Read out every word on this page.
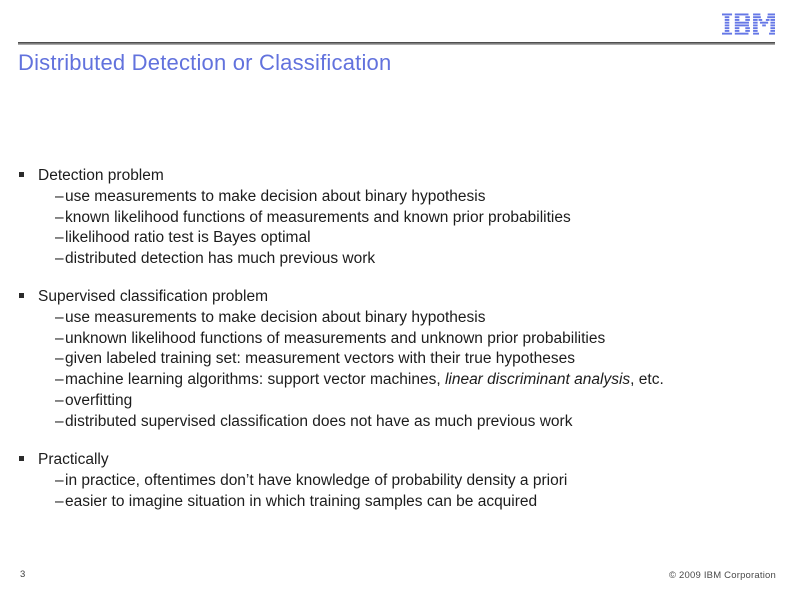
Distributed Detection or Classification
Detection problem
– use measurements to make decision about binary hypothesis
– known likelihood functions of measurements and known prior probabilities
– likelihood ratio test is Bayes optimal
– distributed detection has much previous work
Supervised classification problem
– use measurements to make decision about binary hypothesis
– unknown likelihood functions of measurements and unknown prior probabilities
– given labeled training set: measurement vectors with their true hypotheses
– machine learning algorithms: support vector machines, linear discriminant analysis, etc.
– overfitting
– distributed supervised classification does not have as much previous work
Practically
– in practice, oftentimes don’t have knowledge of probability density a priori
– easier to imagine situation in which training samples can be acquired
3	© 2009 IBM Corporation
